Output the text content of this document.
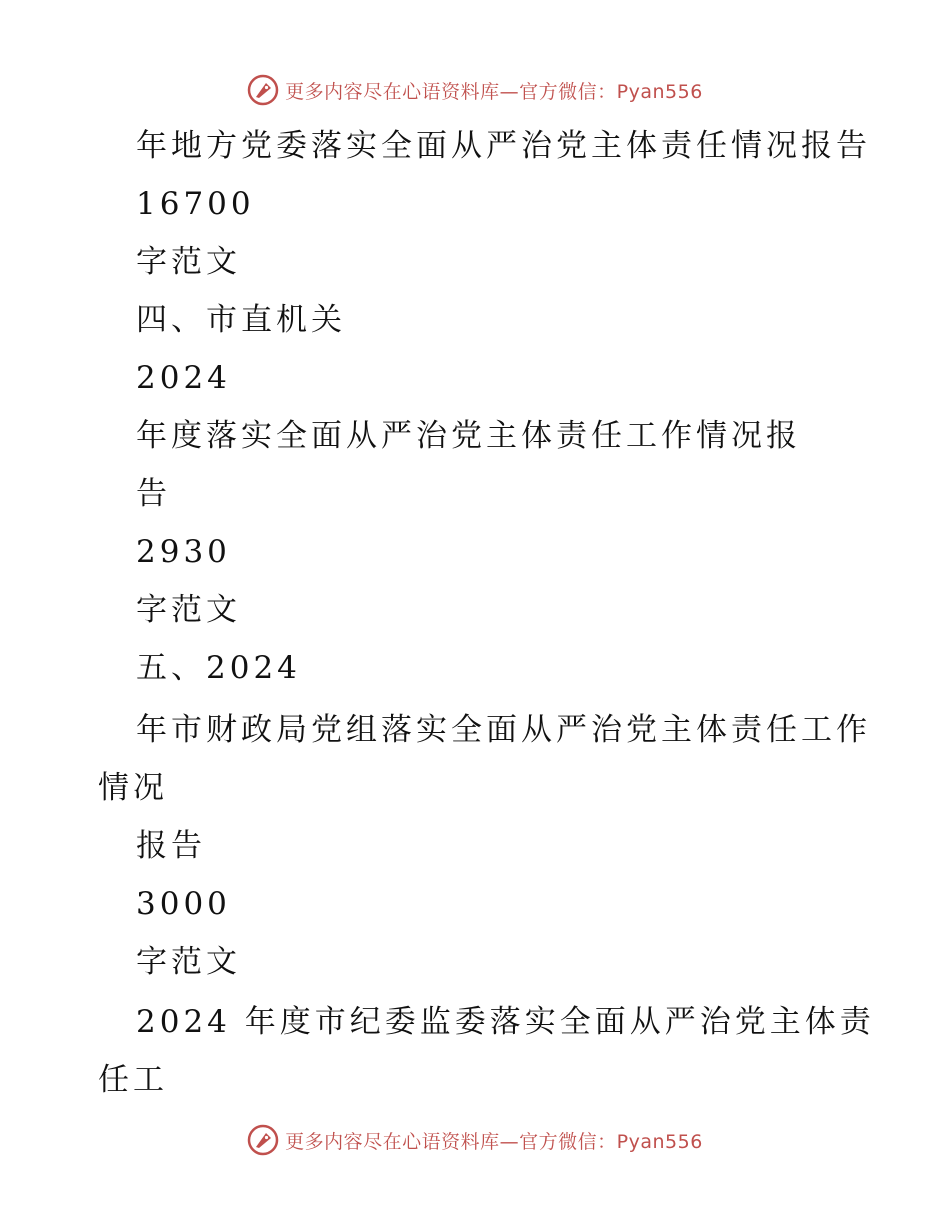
更多内容尽在心语资料库—官方微信：Pyan556
年地方党委落实全面从严治党主体责任情况报告
16700
字范文
四、市直机关
2024
年度落实全面从严治党主体责任工作情况报
告
2930
字范文
五、2024
年市财政局党组落实全面从严治党主体责任工作
情况
报告
3000
字范文
2024 年度市纪委监委落实全面从严治党主体责
任工
更多内容尽在心语资料库—官方微信：Pyan556
